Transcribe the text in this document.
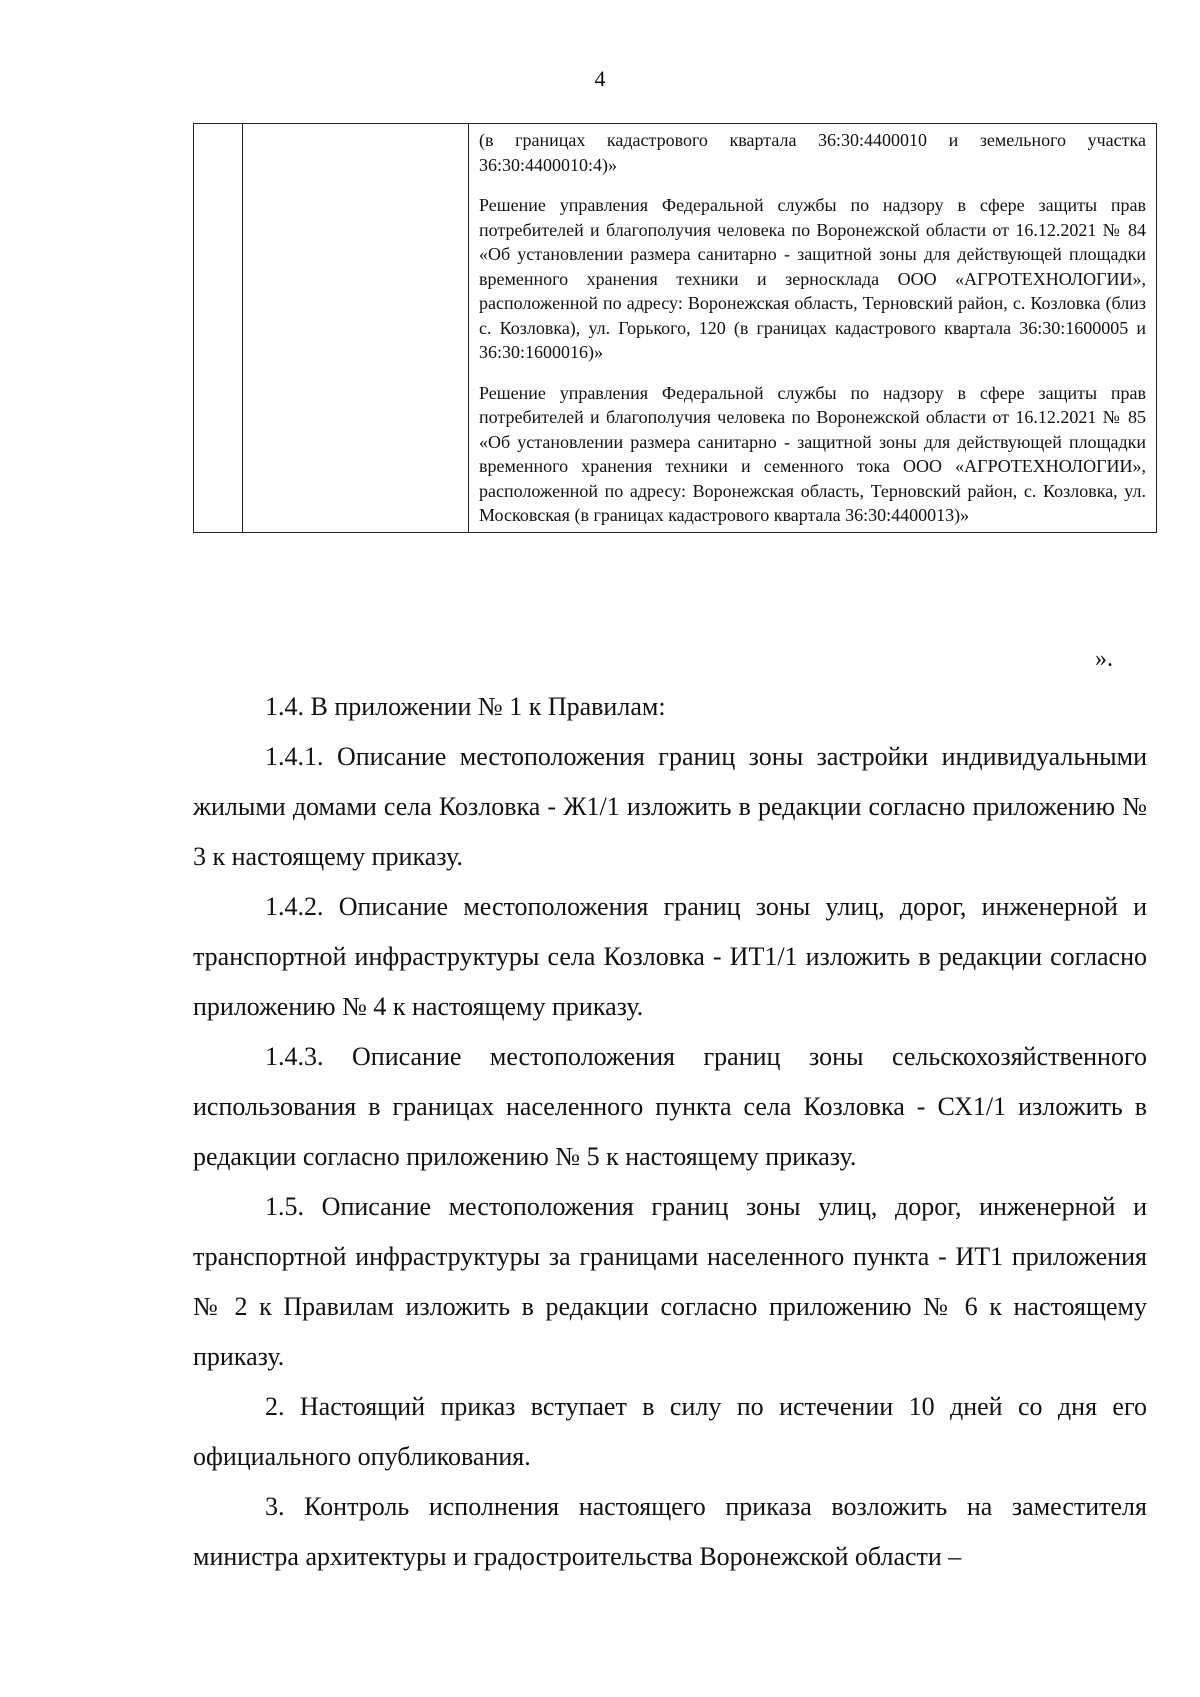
4

(в границах кадастрового квартала 36:30:4400010 и земельного участка 36:30:4400010:4)»

Решение управления Федеральной службы по надзору в сфере защиты прав потребителей и благополучия человека по Воронежской области от 16.12.2021 № 84 «Об установлении размера санитарно - защитной зоны для действующей площадки временного хранения техники и зерносклада ООО «АГРОТЕХНОЛОГИИ», расположенной по адресу: Воронежская область, Терновский район, с. Козловка (близ с. Козловка), ул. Горького, 120 (в границах кадастрового квартала 36:30:1600005 и 36:30:1600016)»

Решение управления Федеральной службы по надзору в сфере защиты прав потребителей и благополучия человека по Воронежской области от 16.12.2021 № 85 «Об установлении размера санитарно - защитной зоны для действующей площадки временного хранения техники и семенного тока ООО «АГРОТЕХНОЛОГИИ», расположенной по адресу: Воронежская область, Терновский район, с. Козловка, ул. Московская (в границах кадастрового квартала 36:30:4400013)»

».

1.4. В приложении № 1 к Правилам:

1.4.1. Описание местоположения границ зоны застройки индивидуальными жилыми домами села Козловка - Ж1/1 изложить в редакции согласно приложению № 3 к настоящему приказу.

1.4.2. Описание местоположения границ зоны улиц, дорог, инженерной и транспортной инфраструктуры села Козловка - ИТ1/1 изложить в редакции согласно приложению № 4 к настоящему приказу.

1.4.3. Описание местоположения границ зоны сельскохозяйственного использования в границах населенного пункта села Козловка - СХ1/1 изложить в редакции согласно приложению № 5 к настоящему приказу.

1.5. Описание местоположения границ зоны улиц, дорог, инженерной и транспортной инфраструктуры за границами населенного пункта - ИТ1 приложения № 2 к Правилам изложить в редакции согласно приложению № 6 к настоящему приказу.

2. Настоящий приказ вступает в силу по истечении 10 дней со дня его официального опубликования.

3. Контроль исполнения настоящего приказа возложить на заместителя министра архитектуры и градостроительства Воронежской области –
